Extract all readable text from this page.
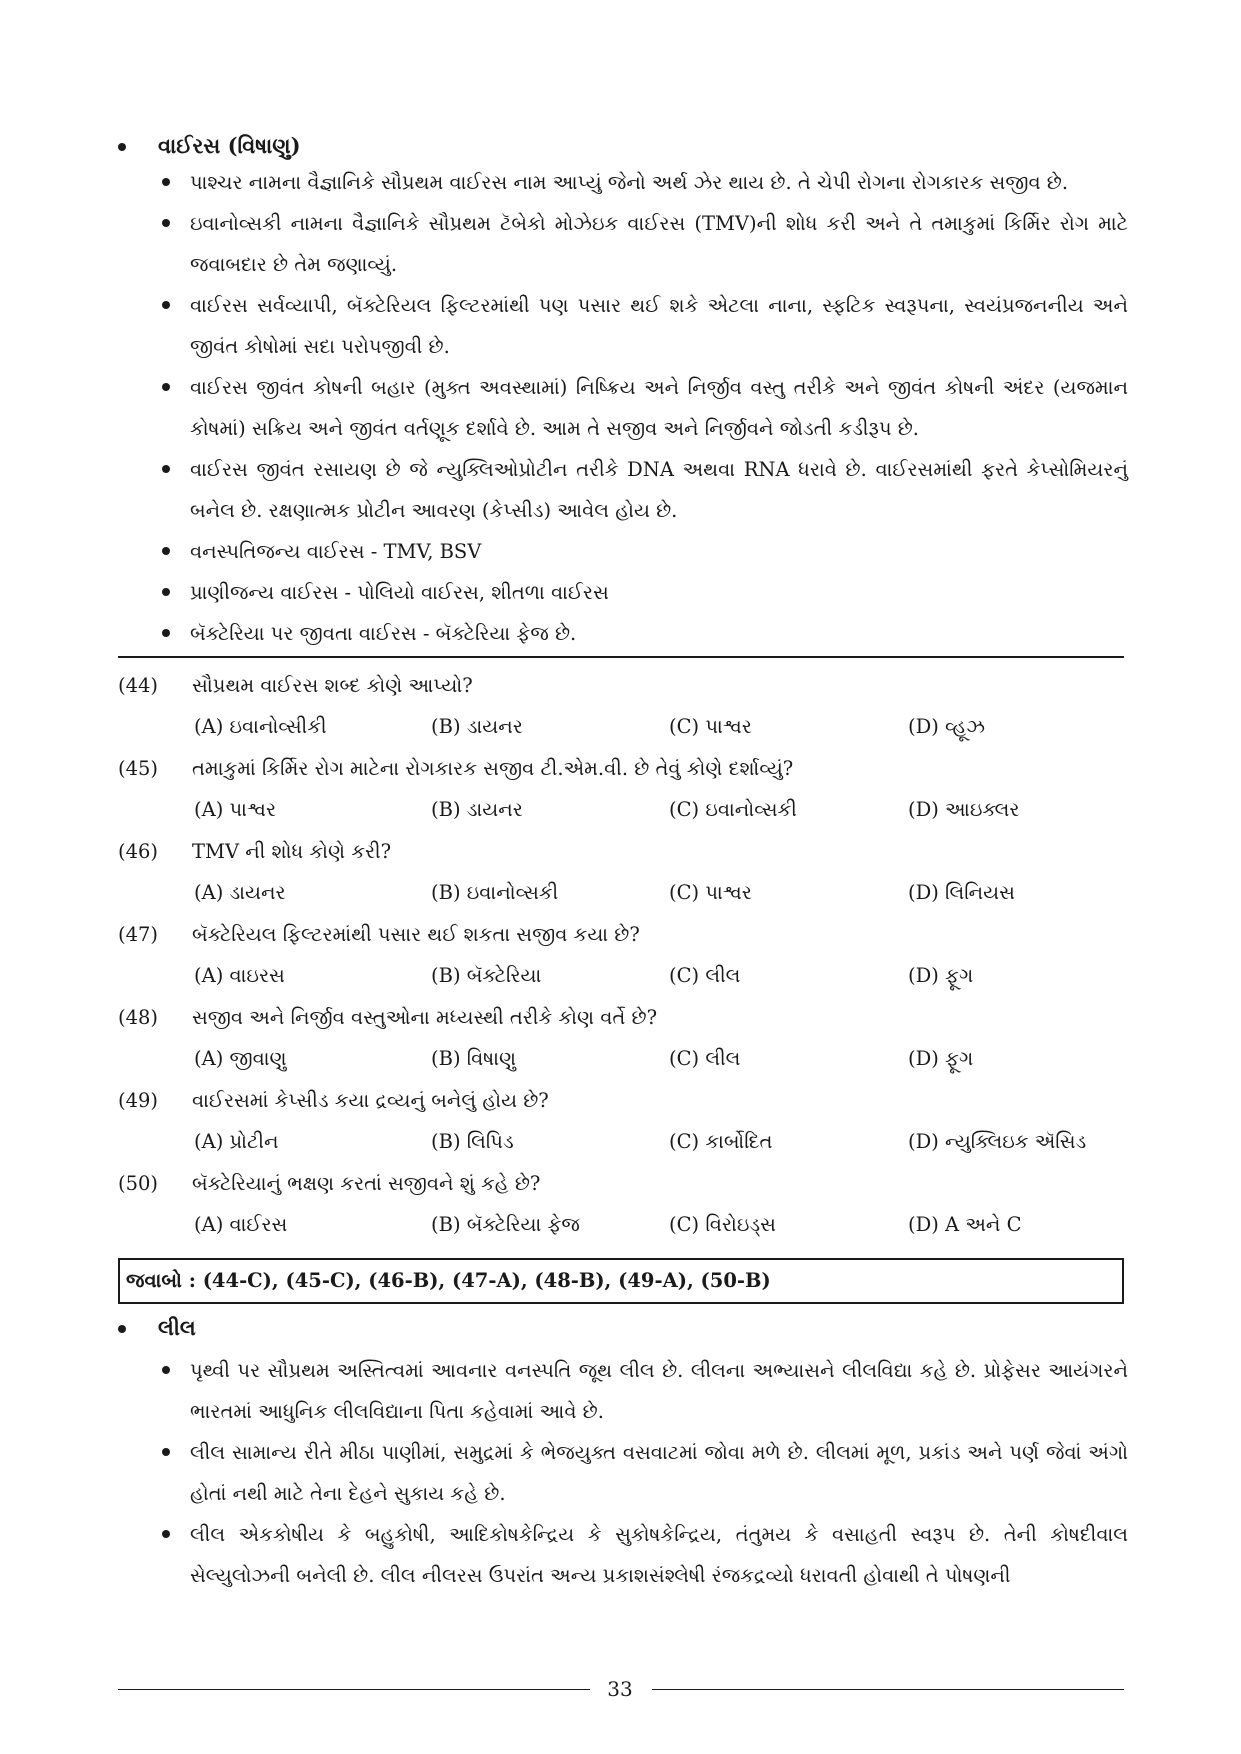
વાઈરસ (વિષાણુ)
પાશ્ચર નામના વૈજ્ઞાનિકે સૌપ્રથમ વાઈરસ નામ આપ્યું જેનો અર્થ ઝેર થાય છે. તે ચેપી રોગના રોગકારક સજીવ છે.
ઇવાનોવ્સકી નામના વૈજ્ઞાનિકે સૌપ્રથમ ટૅબેકો મોઝેઇક વાઈરસ (TMV)ની શોધ કરી અને તે તમાકુમાં કિર્મિર રોગ માટે જવાબદાર છે તેમ જણાવ્યું.
વાઈરસ સર્વવ્યાપી, બૅક્ટેરિયલ ફિલ્ટરમાંથી પણ પસાર થઈ શકે એટલા નાના, સ્ફટિક સ્વરૂપના, સ્વયંપ્રજનનીય અને જીવંત કોષોમાં સદા પરોપજીવી છે.
વાઈરસ જીવંત કોષની બહાર (મુક્ત અવસ્થામાં) નિષ્ક્રિય અને નિર્જીવ વસ્તુ તરીકે અને જીવંત કોષની અંદર (યજમાન કોષમાં) સક્રિય અને જીવંત વર્તણૂક દર્શાવે છે. આમ તે સજીવ અને નિર્જીવને જોડતી કડીરૂપ છે.
વાઈરસ જીવંત રસાયણ છે જે ન્યુક્લિઓપ્રોટીન તરીકે DNA અથવા RNA ધરાવે છે. વાઈરસમાંથી ફરતે કેપ્સોમિયરનું બનેલ છે. રક્ષણાત્મક પ્રોટીન આવરણ (કેપ્સીડ) આવેલ હોય છે.
વનસ્પતિજન્ય વાઈરસ - TMV, BSV
પ્રાણીજન્ય વાઈરસ - પોલિયો વાઈરસ, શીતળા વાઈરસ
બૅક્ટેરિયા પર જીવતા વાઈરસ - બૅક્ટેરિયા ફેજ છે.
(44) સૌપ્રથમ વાઈરસ શબ્દ કોણે આપ્યો?
(A) ઇવાનોવ્સીકી	(B) ડાયનર	(C) પાશ્વર	(D) વ્હૂઝ
(45) તમાકુમાં કિર્મિર રોગ માટેના રોગકારક સજીવ ટી.એમ.વી. છે તેવું કોણે દર્શાવ્યું?
(A) પાશ્વર	(B) ડાયનર	(C) ઇવાનોવ્સકી	(D) આઇક્લર
(46) TMV ની શોધ કોણે કરી?
(A) ડાયનર	(B) ઇવાનોવ્સકી	(C) પાશ્વર	(D) લિનિયસ
(47) બૅક્ટેરિયલ ફિલ્ટરમાંથી પસાર થઈ શકતા સજીવ કયા છે?
(A) વાઇરસ	(B) બૅક્ટેરિયા	(C) લીલ	(D) ફૂગ
(48) સજીવ અને નિર્જીવ વસ્તુઓના મધ્યસ્થી તરીકે કોણ વર્તે છે?
(A) જીવાણુ	(B) વિષાણુ	(C) લીલ	(D) ફૂગ
(49) વાઈરસમાં કેપ્સીડ કયા દ્રવ્યનું બનેલું હોય છે?
(A) પ્રોટીન	(B) લિપિડ	(C) કાર્બોદિત	(D) ન્યુક્લિઇક ઍસિડ
(50) બૅક્ટેરિયાનું ભક્ષણ કરતાં સજીવને શું કહે છે?
(A) વાઈરસ	(B) બૅક્ટેરિયા ફેજ	(C) વિરોઇડ્સ	(D) A અને C
જવાબો : (44-C), (45-C), (46-B), (47-A), (48-B), (49-A), (50-B)
લીલ
પૃથ્વી પર સૌપ્રથમ અસ્તિત્વમાં આવનાર વનસ્પતિ જૂથ લીલ છે. લીલના અભ્યાસને લીલવિદ્યા કહે છે. પ્રોફેસર આયંગરને ભારતમાં આધુનિક લીલવિદ્યાના પિતા કહેવામાં આવે છે.
લીલ સામાન્ય રીતે મીઠા પાણીમાં, સમુદ્રમાં કે ભેજયુક્ત વસવાટમાં જોવા મળે છે. લીલમાં મૂળ, પ્રકાંડ અને પર્ણ જેવાં અંગો હોતાં નથી માટે તેના દેહને સુકાય કહે છે.
લીલ એકકોષીય કે બહુકોષી, આદિકોષકેન્દ્રિય કે સુકોષકેન્દ્રિય, તંતુમય કે વસાહતી સ્વરૂપ છે. તેની કોષદીવાલ સેલ્યુલોઝની બનેલી છે. લીલ નીલરસ ઉપરાંત અન્ય પ્રકાશસંશ્લેષી રંજકદ્રવ્યો ધરાવતી હોવાથી તે પોષણની
33
